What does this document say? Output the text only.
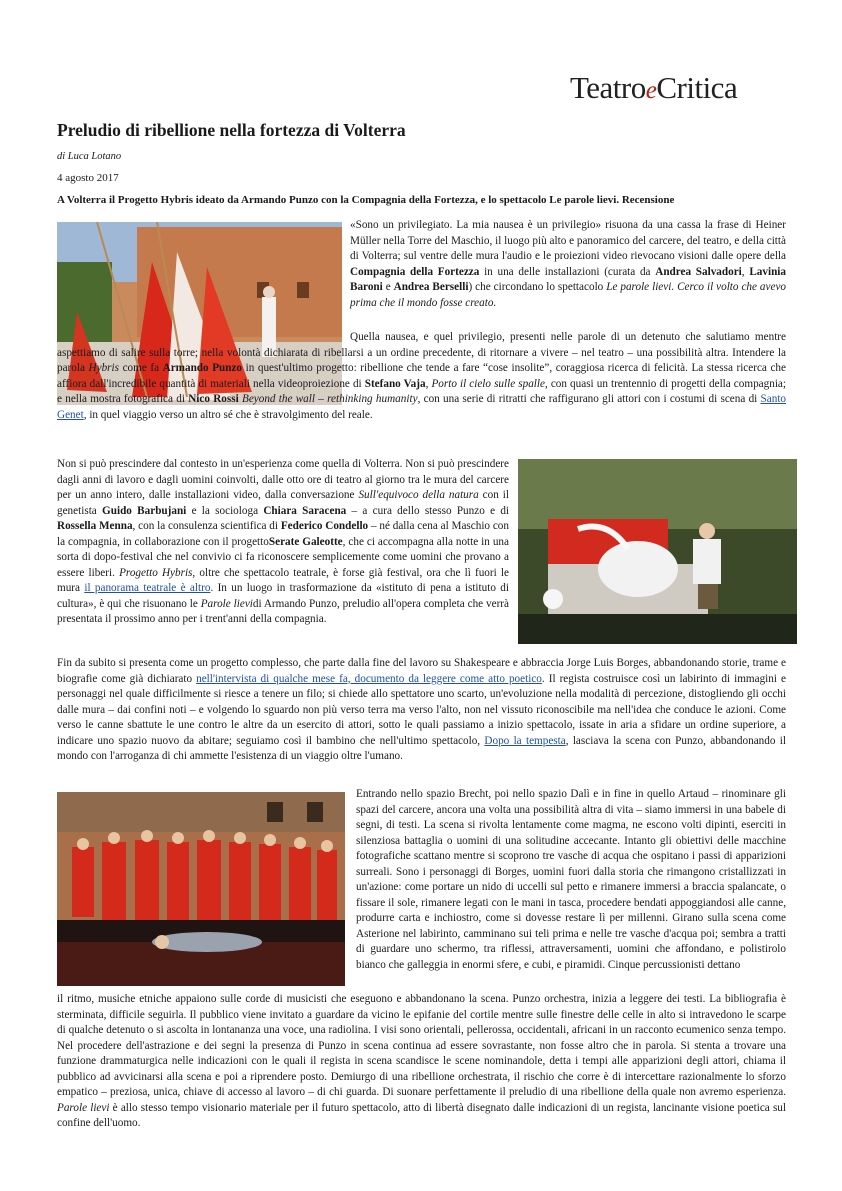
TeatroeCritica
Preludio di ribellione nella fortezza di Volterra
di Luca Lotano
4 agosto 2017
A Volterra il Progetto Hybris ideato da Armando Punzo con la Compagnia della Fortezza, e lo spettacolo Le parole lievi. Recensione

«Sono un privilegiato. La mia nausea è un privilegio» risuona da una cassa la frase di Heiner Müller nella Torre del Maschio, il luogo più alto e panoramico del carcere, del teatro, e della città di Volterra; sul ventre delle mura l'audio e le proiezioni video rievocano visioni dalle opere della Compagnia della Fortezza in una delle installazioni (curata da Andrea Salvadori, Lavinia Baroni e Andrea Berselli) che circondano lo spettacolo Le parole lievi. Cerco il volto che avevo prima che il mondo fosse creato.

Quella nausea, e quel privilegio, presenti nelle parole di un detenuto che salutiamo mentre aspettiamo di salire sulla torre; nella volontà dichiarata di ribellarsi a un ordine precedente, di ritornare a vivere – nel teatro – una possibilità altra. Intendere la parola Hybris come fa Armando Punzo in quest'ultimo progetto: ribellione che tende a fare “cose insolite”, coraggiosa ricerca di felicità. La stessa ricerca che affiora dall'incredibile quantità di materiali nella videoproiezione di Stefano Vaja, Porto il cielo sulle spalle, con quasi un trentennio di progetti della compagnia; e nella mostra fotografica di Nico Rossi Beyond the wall – rethinking humanity, con una serie di ritratti che raffigurano gli attori con i costumi di scena di Santo Genet, in quel viaggio verso un altro sé che è stravolgimento del reale.

Non si può prescindere dal contesto in un'esperienza come quella di Volterra. Non si può prescindere dagli anni di lavoro e dagli uomini coinvolti, dalle otto ore di teatro al giorno tra le mura del carcere per un anno intero, dalle installazioni video, dalla conversazione Sull'equivoco della natura con il genetista Guido Barbujani e la sociologa Chiara Saracena – a cura dello stesso Punzo e di Rossella Menna, con la consulenza scientifica di Federico Condello – né dalla cena al Maschio con la compagnia, in collaborazione con il progettoSerate Galeotte, che ci accompagna alla notte in una sorta di dopo-festival che nel convivio ci fa riconoscere semplicemente come uomini che provano a essere liberi. Progetto Hybris, oltre che spettacolo teatrale, è forse già festival, ora che lì fuori le mura il panorama teatrale è altro. In un luogo in trasformazione da «istituto di pena a istituto di cultura», è qui che risuonano le Parole lievidi Armando Punzo, preludio all'opera completa che verrà presentata il prossimo anno per i trent'anni della compagnia.

Fin da subito si presenta come un progetto complesso, che parte dalla fine del lavoro su Shakespeare e abbraccia Jorge Luis Borges, abbandonando storie, trame e biografie come già dichiarato nell'intervista di qualche mese fa, documento da leggere come atto poetico. Il regista costruisce così un labirinto di immagini e personaggi nel quale difficilmente si riesce a tenere un filo; si chiede allo spettatore uno scarto, un'evoluzione nella modalità di percezione, distogliendo gli occhi dalle mura – dai confini noti – e volgendo lo sguardo non più verso terra ma verso l'alto, non nel vissuto riconoscibile ma nell'idea che conduce le azioni. Come verso le canne sbattute le une contro le altre da un esercito di attori, sotto le quali passiamo a inizio spettacolo, issate in aria a sfidare un ordine superiore, a indicare uno spazio nuovo da abitare; seguiamo così il bambino che nell'ultimo spettacolo, Dopo la tempesta, lasciava la scena con Punzo, abbandonando il mondo con l'arroganza di chi ammette l'esistenza di un viaggio oltre l'umano.

Entrando nello spazio Brecht, poi nello spazio Dalì e in fine in quello Artaud – rinominare gli spazi del carcere, ancora una volta una possibilità altra di vita – siamo immersi in una babele di segni, di testi. La scena si rivolta lentamente come magma, ne escono volti dipinti, eserciti in silenziosa battaglia o uomini di una solitudine accecante. Intanto gli obiettivi delle macchine fotografiche scattano mentre si scoprono tre vasche di acqua che ospitano i passi di apparizioni surreali. Sono i personaggi di Borges, uomini fuori dalla storia che rimangono cristallizzati in un'azione: come portare un nido di uccelli sul petto e rimanere immersi a braccia spalancate, o fissare il sole, rimanere legati con le mani in tasca, procedere bendati appoggiandosi alle canne, produrre carta e inchiostro, come si dovesse restare lì per millenni. Girano sulla scena come Asterione nel labirinto, camminano sui teli prima e nelle tre vasche d'acqua poi; sembra a tratti di guardare uno schermo, tra riflessi, attraversamenti, uomini che affondano, e polistirolo bianco che galleggia in enormi sfere, e cubi, e piramidi. Cinque percussionisti dettano

il ritmo, musiche etniche appaiono sulle corde di musicisti che eseguono e abbandonano la scena. Punzo orchestra, inizia a leggere dei testi. La bibliografia è sterminata, difficile seguirla. Il pubblico viene invitato a guardare da vicino le epifanie del cortile mentre sulle finestre delle celle in alto si intravedono le scarpe di qualche detenuto o si ascolta in lontananza una voce, una radiolina. I visi sono orientali, pellerossa, occidentali, africani in un racconto ecumenico senza tempo. Nel procedere dell'astrazione e dei segni la presenza di Punzo in scena continua ad essere sovrastante, non fosse altro che in parola. Si stenta a trovare una funzione drammaturgica nelle indicazioni con le quali il regista in scena scandisce le scene nominandole, detta i tempi alle apparizioni degli attori, chiama il pubblico ad avvicinarsi alla scena e poi a riprendere posto. Demiurgo di una ribellione orchestrata, il rischio che corre è di intercettare razionalmente lo sforzo empatico – preziosa, unica, chiave di accesso al lavoro – di chi guarda. Di suonare perfettamente il preludio di una ribellione della quale non avremo esperienza. Parole lievi è allo stesso tempo visionario materiale per il futuro spettacolo, atto di libertà disegnato dalle indicazioni di un regista, lancinante visione poetica sul confine dell'uomo.
